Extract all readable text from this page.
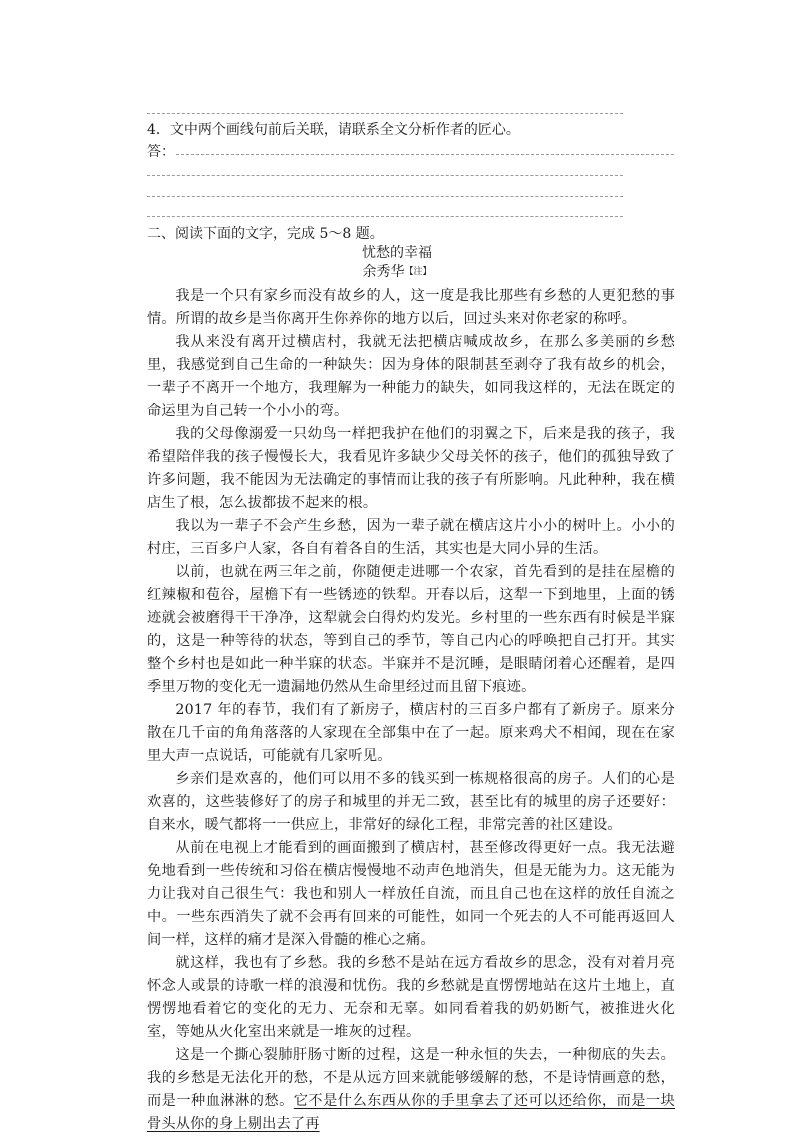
4．文中两个画线句前后关联，请联系全文分析作者的匠心。
答：
二、阅读下面的文字，完成 5～8 题。
忧愁的幸福
余秀华【注】

我是一个只有家乡而没有故乡的人，这一度是我比那些有乡愁的人更犯愁的事情。所谓的故乡是当你离开生你养你的地方以后，回过头来对你老家的称呼。

我从来没有离开过横店村，我就无法把横店喊成故乡，在那么多美丽的乡愁里，我感觉到自己生命的一种缺失：因为身体的限制甚至剥夺了我有故乡的机会，一辈子不离开一个地方，我理解为一种能力的缺失，如同我这样的，无法在既定的命运里为自己转一个小小的弯。

我的父母像溺爱一只幼鸟一样把我护在他们的羽翼之下，后来是我的孩子，我希望陪伴我的孩子慢慢长大，我看见许多缺少父母关怀的孩子，他们的孤独导致了许多问题，我不能因为无法确定的事情而让我的孩子有所影响。凡此种种，我在横店生了根，怎么拔都拔不起来的根。

我以为一辈子不会产生乡愁，因为一辈子就在横店这片小小的树叶上。小小的村庄，三百多户人家，各自有着各自的生活，其实也是大同小异的生活。

以前，也就在两三年之前，你随便走进哪一个农家，首先看到的是挂在屋檐的红辣椒和苞谷，屋檐下有一些锈迹的铁犁。开春以后，这犁一下到地里，上面的锈迹就会被磨得干干净净，这犁就会白得灼灼发光。乡村里的一些东西有时候是半寐的，这是一种等待的状态，等到自己的季节，等自己内心的呼唤把自己打开。其实整个乡村也是如此一种半寐的状态。半寐并不是沉睡，是眼睛闭着心还醒着，是四季里万物的变化无一遗漏地仍然从生命里经过而且留下痕迹。

2017 年的春节，我们有了新房子，横店村的三百多户都有了新房子。原来分散在几千亩的角角落落的人家现在全部集中在了一起。原来鸡犬不相闻，现在在家里大声一点说话，可能就有几家听见。

乡亲们是欢喜的，他们可以用不多的钱买到一栋规格很高的房子。人们的心是欢喜的，这些装修好了的房子和城里的并无二致，甚至比有的城里的房子还要好：自来水，暖气都将一一供应上，非常好的绿化工程，非常完善的社区建设。

从前在电视上才能看到的画面搬到了横店村，甚至修改得更好一点。我无法避免地看到一些传统和习俗在横店慢慢地不动声色地消失，但是无能为力。这无能为力让我对自己很生气：我也和别人一样放任自流，而且自己也在这样的放任自流之中。一些东西消失了就不会再有回来的可能性，如同一个死去的人不可能再返回人间一样，这样的痛才是深入骨髓的椎心之痛。

就这样，我也有了乡愁。我的乡愁不是站在远方看故乡的思念，没有对着月亮怀念人或景的诗歌一样的浪漫和忧伤。我的乡愁就是直愣愣地站在这片土地上，直愣愣地看着它的变化的无力、无奈和无辜。如同看着我的奶奶断气，被推进火化室，等她从火化室出来就是一堆灰的过程。

这是一个撕心裂肺肝肠寸断的过程，这是一种永恒的失去，一种彻底的失去。我的乡愁是无法化开的愁，不是从远方回来就能够缓解的愁，不是诗情画意的愁，而是一种血淋淋的愁。它不是什么东西从你的手里拿去了还可以还给你，而是一块骨头从你的身上剔出去了再
